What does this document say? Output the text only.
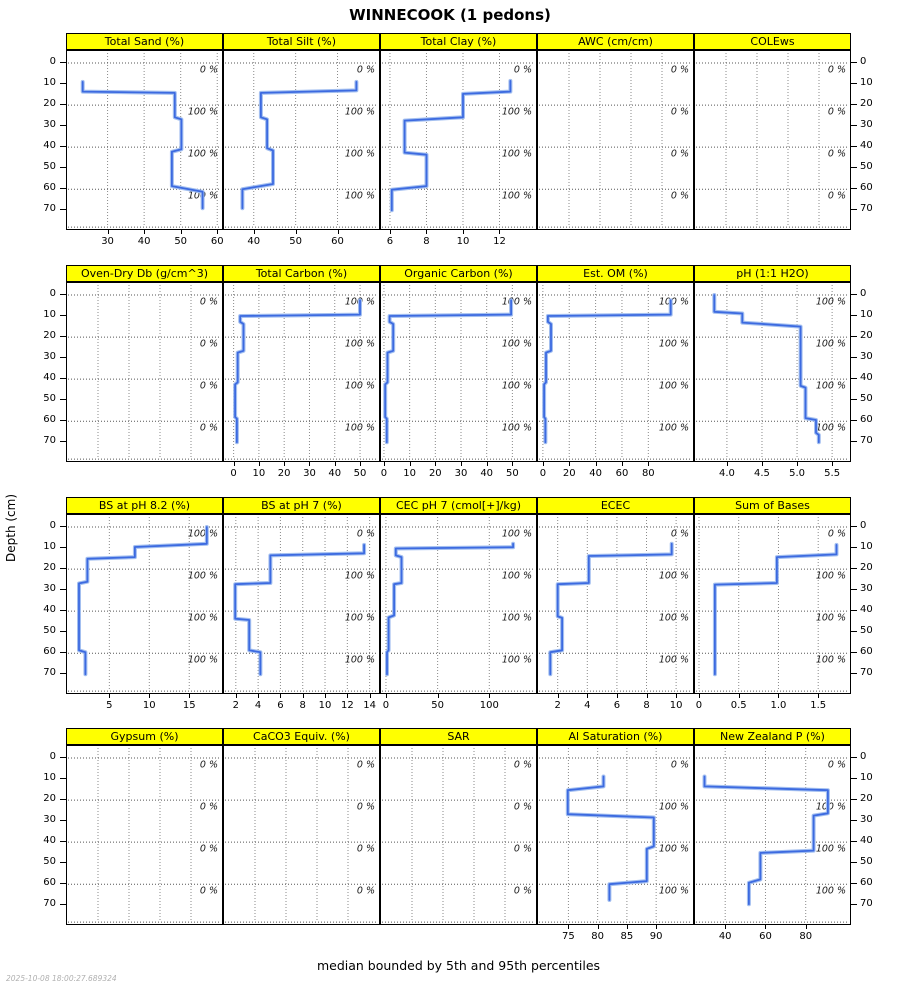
WINNECOOK (1 pedons)
Depth (cm)
median bounded by 5th and 95th percentiles
2025-10-08 18:00:27.689324
Total Sand (%)
0 %
100 %
100 %
100 %
30	40	50	60
0
10
20
30
40
50
60
70
Total Silt (%)
0 %
100 %
100 %
100 %
40	50	60
Total Clay (%)
0 %
100 %
100 %
100 %
6	8	10	12
AWC (cm/cm)
0 %
0 %
0 %
0 %
COLEws
0 %
0 %
0 %
0 %
0
10
20
30
40
50
60
70
Oven-Dry Db (g/cm^3)
0 %
0 %
0 %
0 %
0
10
20
30
40
50
60
70
Total Carbon (%)
100 %
100 %
100 %
100 %
0	10	20	30	40	50
Organic Carbon (%)
100 %
100 %
100 %
100 %
0	10	20	30	40	50
Est. OM (%)
100 %
100 %
100 %
100 %
0	20	40	60	80
pH (1:1 H2O)
100 %
100 %
100 %
100 %
4.0	4.5	5.0	5.5
0
10
20
30
40
50
60
70
BS at pH 8.2 (%)
100 %
100 %
100 %
100 %
5	10	15
0
10
20
30
40
50
60
70
BS at pH 7 (%)
0 %
100 %
100 %
100 %
2	4	6	8	10 12 14
CEC pH 7 (cmol[+]/kg)
100 %
100 %
100 %
100 %
0	50	100
ECEC
0 %
100 %
100 %
100 %
2	4	6	8	10
Sum of Bases
0 %
100 %
100 %
100 %
0	0.5	1.0	1.5
0
10
20
30
40
50
60
70
Gypsum (%)
0 %
0 %
0 %
0 %
0
10
20
30
40
50
60
70
CaCO3 Equiv. (%)
0 %
0 %
0 %
0 %
SAR
0 %
0 %
0 %
0 %
Al Saturation (%)
0 %
100 %
100 %
100 %
75	80	85	90
New Zealand P (%)
0 %
100 %
100 %
100 %
40	60	80
0
10
20
30
40
50
60
70
